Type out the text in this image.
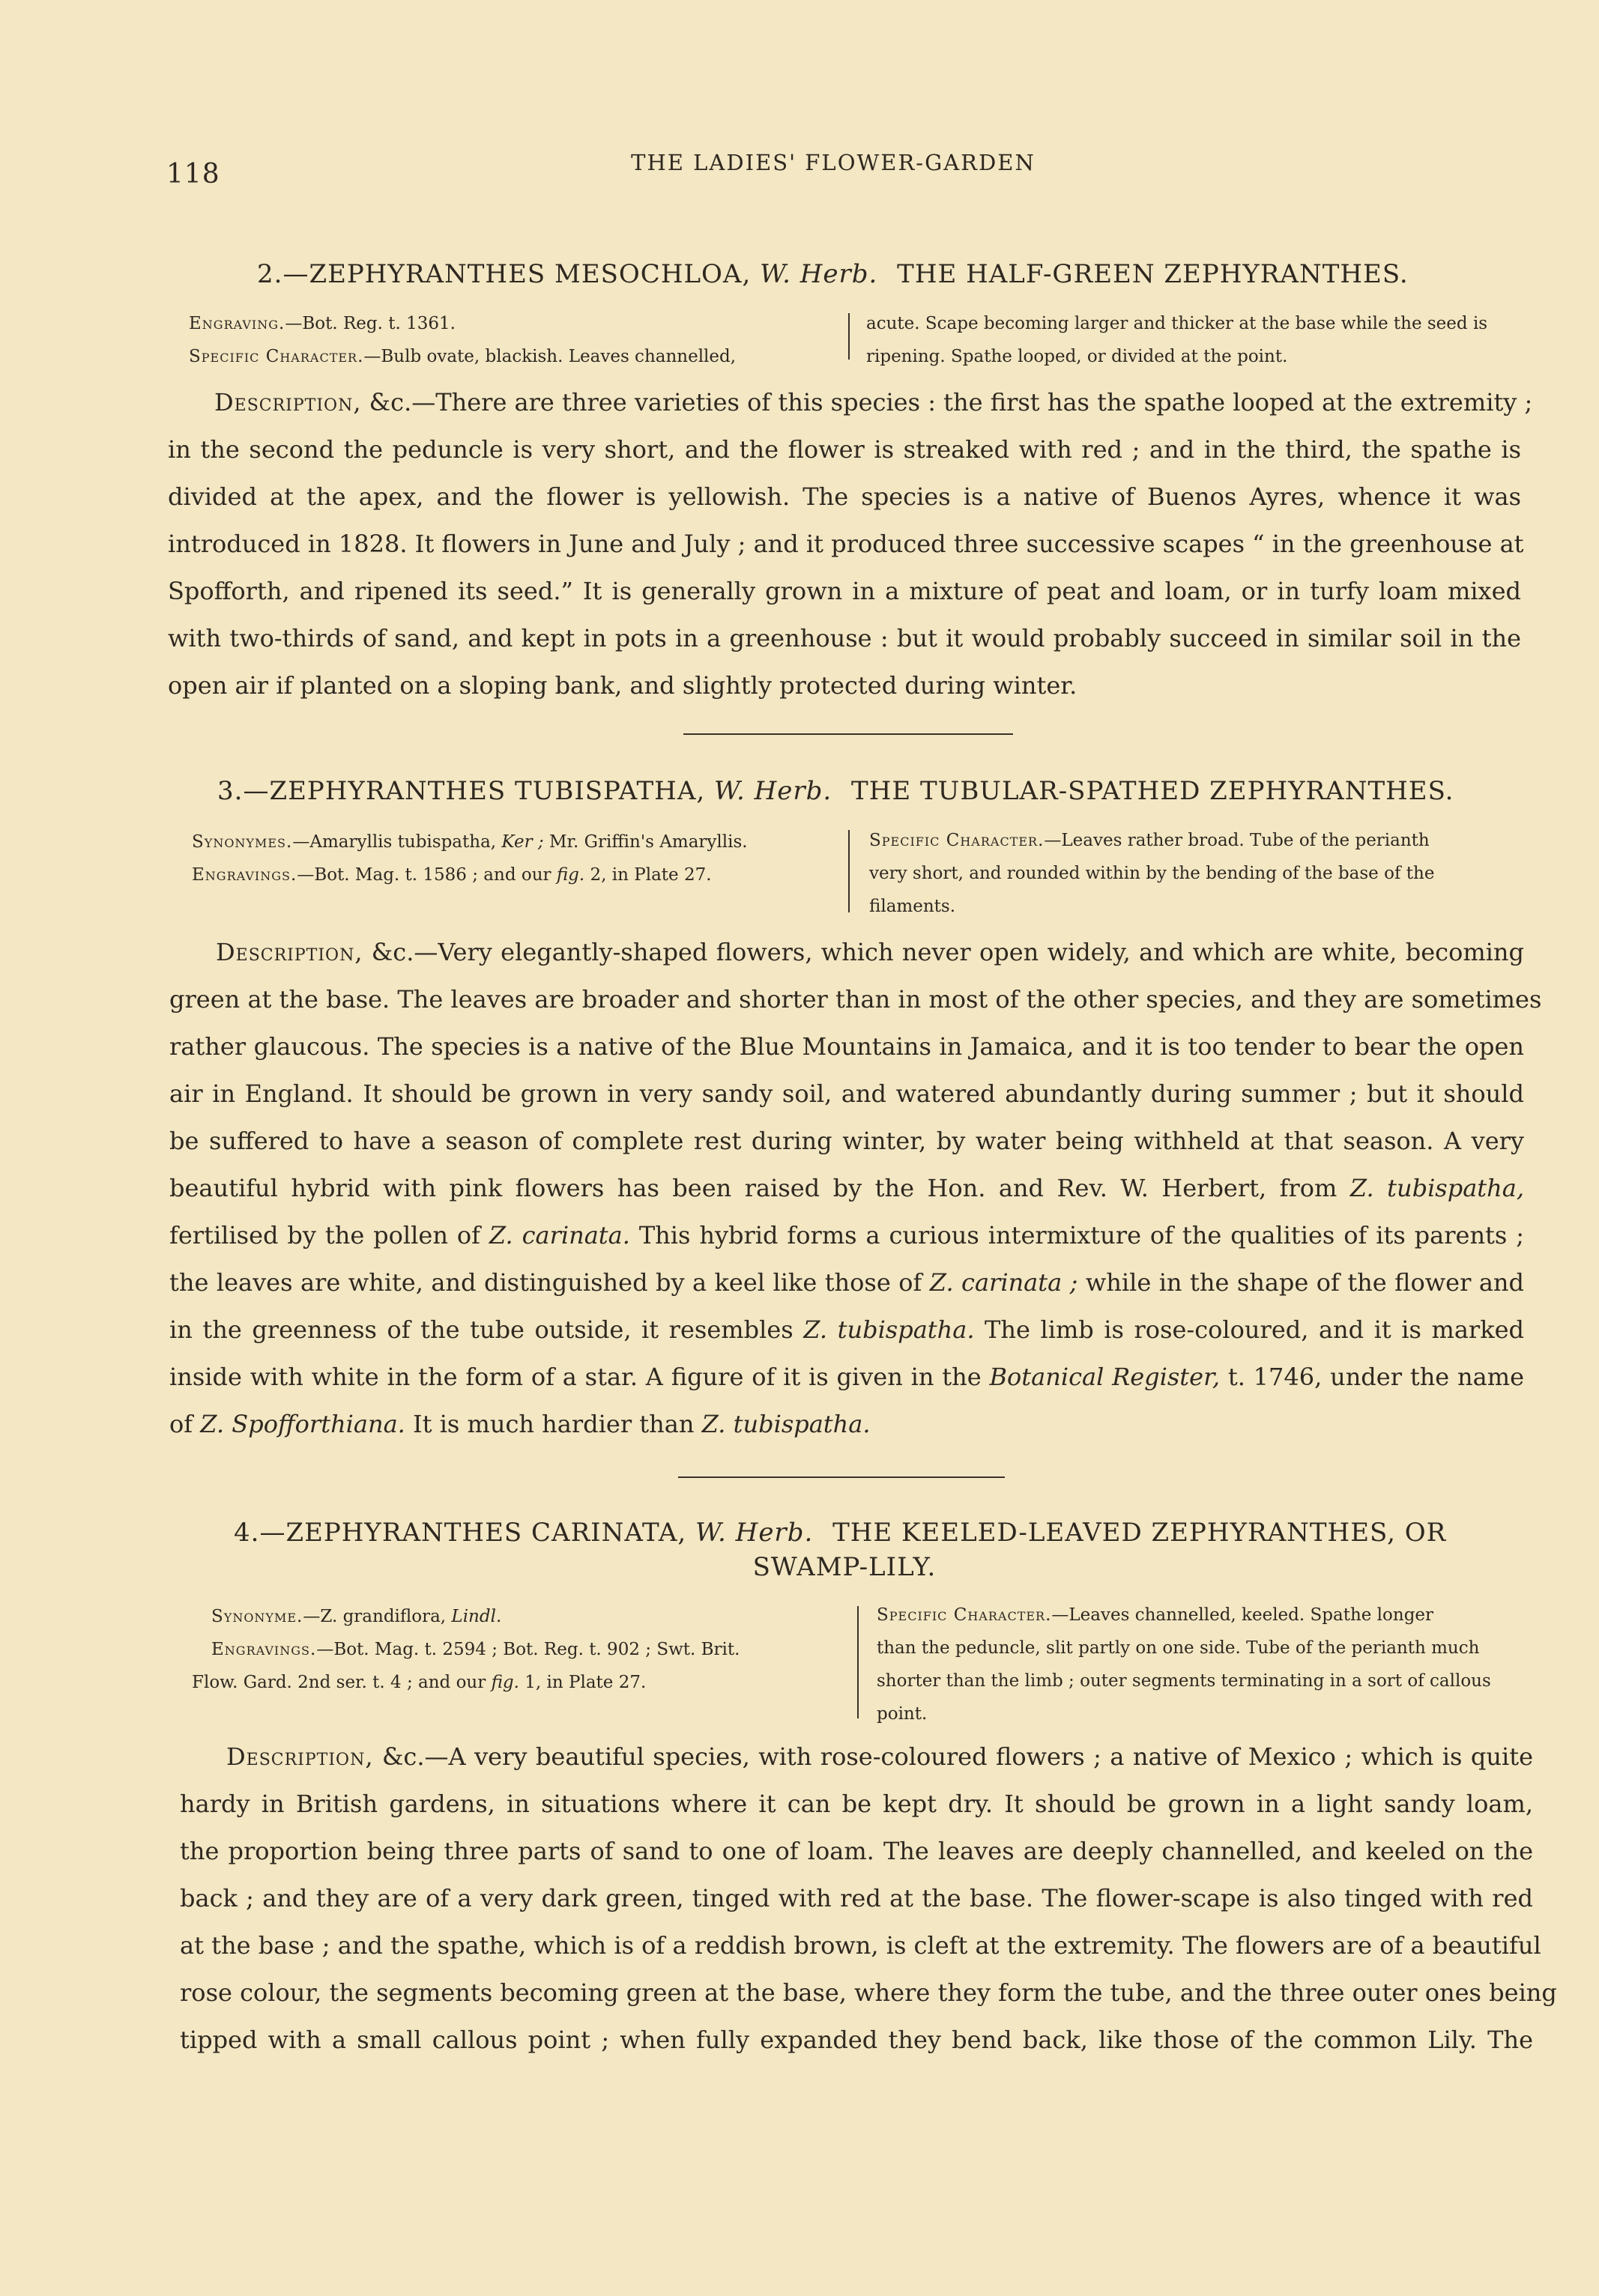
118	THE LADIES' FLOWER-GARDEN
2.—ZEPHYRANTHES MESOCHLOA, W. Herb. THE HALF-GREEN ZEPHYRANTHES.
Engraving.—Bot. Reg. t. 1361.
Specific Character.—Bulb ovate, blackish. Leaves channelled,
acute. Scape becoming larger and thicker at the base while the seed is
ripening. Spathe looped, or divided at the point.
Description, &c.—There are three varieties of this species : the first has the spathe looped at the extremity ;
in the second the peduncle is very short, and the flower is streaked with red ; and in the third, the spathe is
divided at the apex, and the flower is yellowish. The species is a native of Buenos Ayres, whence it was
introduced in 1828. It flowers in June and July ; and it produced three successive scapes “ in the greenhouse at
Spofforth, and ripened its seed.” It is generally grown in a mixture of peat and loam, or in turfy loam mixed
with two-thirds of sand, and kept in pots in a greenhouse : but it would probably succeed in similar soil in the
open air if planted on a sloping bank, and slightly protected during winter.
3.—ZEPHYRANTHES TUBISPATHA, W. Herb. THE TUBULAR-SPATHED ZEPHYRANTHES.
Synonymes.—Amaryllis tubispatha, Ker ; Mr. Griffin's Amaryllis.
Engravings.—Bot. Mag. t. 1586 ; and our fig. 2, in Plate 27.
Specific Character.—Leaves rather broad. Tube of the perianth
very short, and rounded within by the bending of the base of the
filaments.
Description, &c.—Very elegantly-shaped flowers, which never open widely, and which are white, becoming
green at the base. The leaves are broader and shorter than in most of the other species, and they are sometimes
rather glaucous. The species is a native of the Blue Mountains in Jamaica, and it is too tender to bear the open
air in England. It should be grown in very sandy soil, and watered abundantly during summer ; but it should
be suffered to have a season of complete rest during winter, by water being withheld at that season. A very
beautiful hybrid with pink flowers has been raised by the Hon. and Rev. W. Herbert, from Z. tubispatha,
fertilised by the pollen of Z. carinata. This hybrid forms a curious intermixture of the qualities of its parents ;
the leaves are white, and distinguished by a keel like those of Z. carinata ; while in the shape of the flower and
in the greenness of the tube outside, it resembles Z. tubispatha. The limb is rose-coloured, and it is marked
inside with white in the form of a star. A figure of it is given in the Botanical Register, t. 1746, under the name
of Z. Spofforthiana. It is much hardier than Z. tubispatha.
4.—ZEPHYRANTHES CARINATA, W. Herb. THE KEELED-LEAVED ZEPHYRANTHES, OR
SWAMP-LILY.
Synonyme.—Z. grandiflora, Lindl.
Engravings.—Bot. Mag. t. 2594 ; Bot. Reg. t. 902 ; Swt. Brit.
Flow. Gard. 2nd ser. t. 4 ; and our fig. 1, in Plate 27.
Specific Character.—Leaves channelled, keeled. Spathe longer
than the peduncle, slit partly on one side. Tube of the perianth much
shorter than the limb ; outer segments terminating in a sort of callous
point.
Description, &c.—A very beautiful species, with rose-coloured flowers ; a native of Mexico ; which is quite
hardy in British gardens, in situations where it can be kept dry. It should be grown in a light sandy loam,
the proportion being three parts of sand to one of loam. The leaves are deeply channelled, and keeled on the
back ; and they are of a very dark green, tinged with red at the base. The flower-scape is also tinged with red
at the base ; and the spathe, which is of a reddish brown, is cleft at the extremity. The flowers are of a beautiful
rose colour, the segments becoming green at the base, where they form the tube, and the three outer ones being
tipped with a small callous point ; when fully expanded they bend back, like those of the common Lily. The
